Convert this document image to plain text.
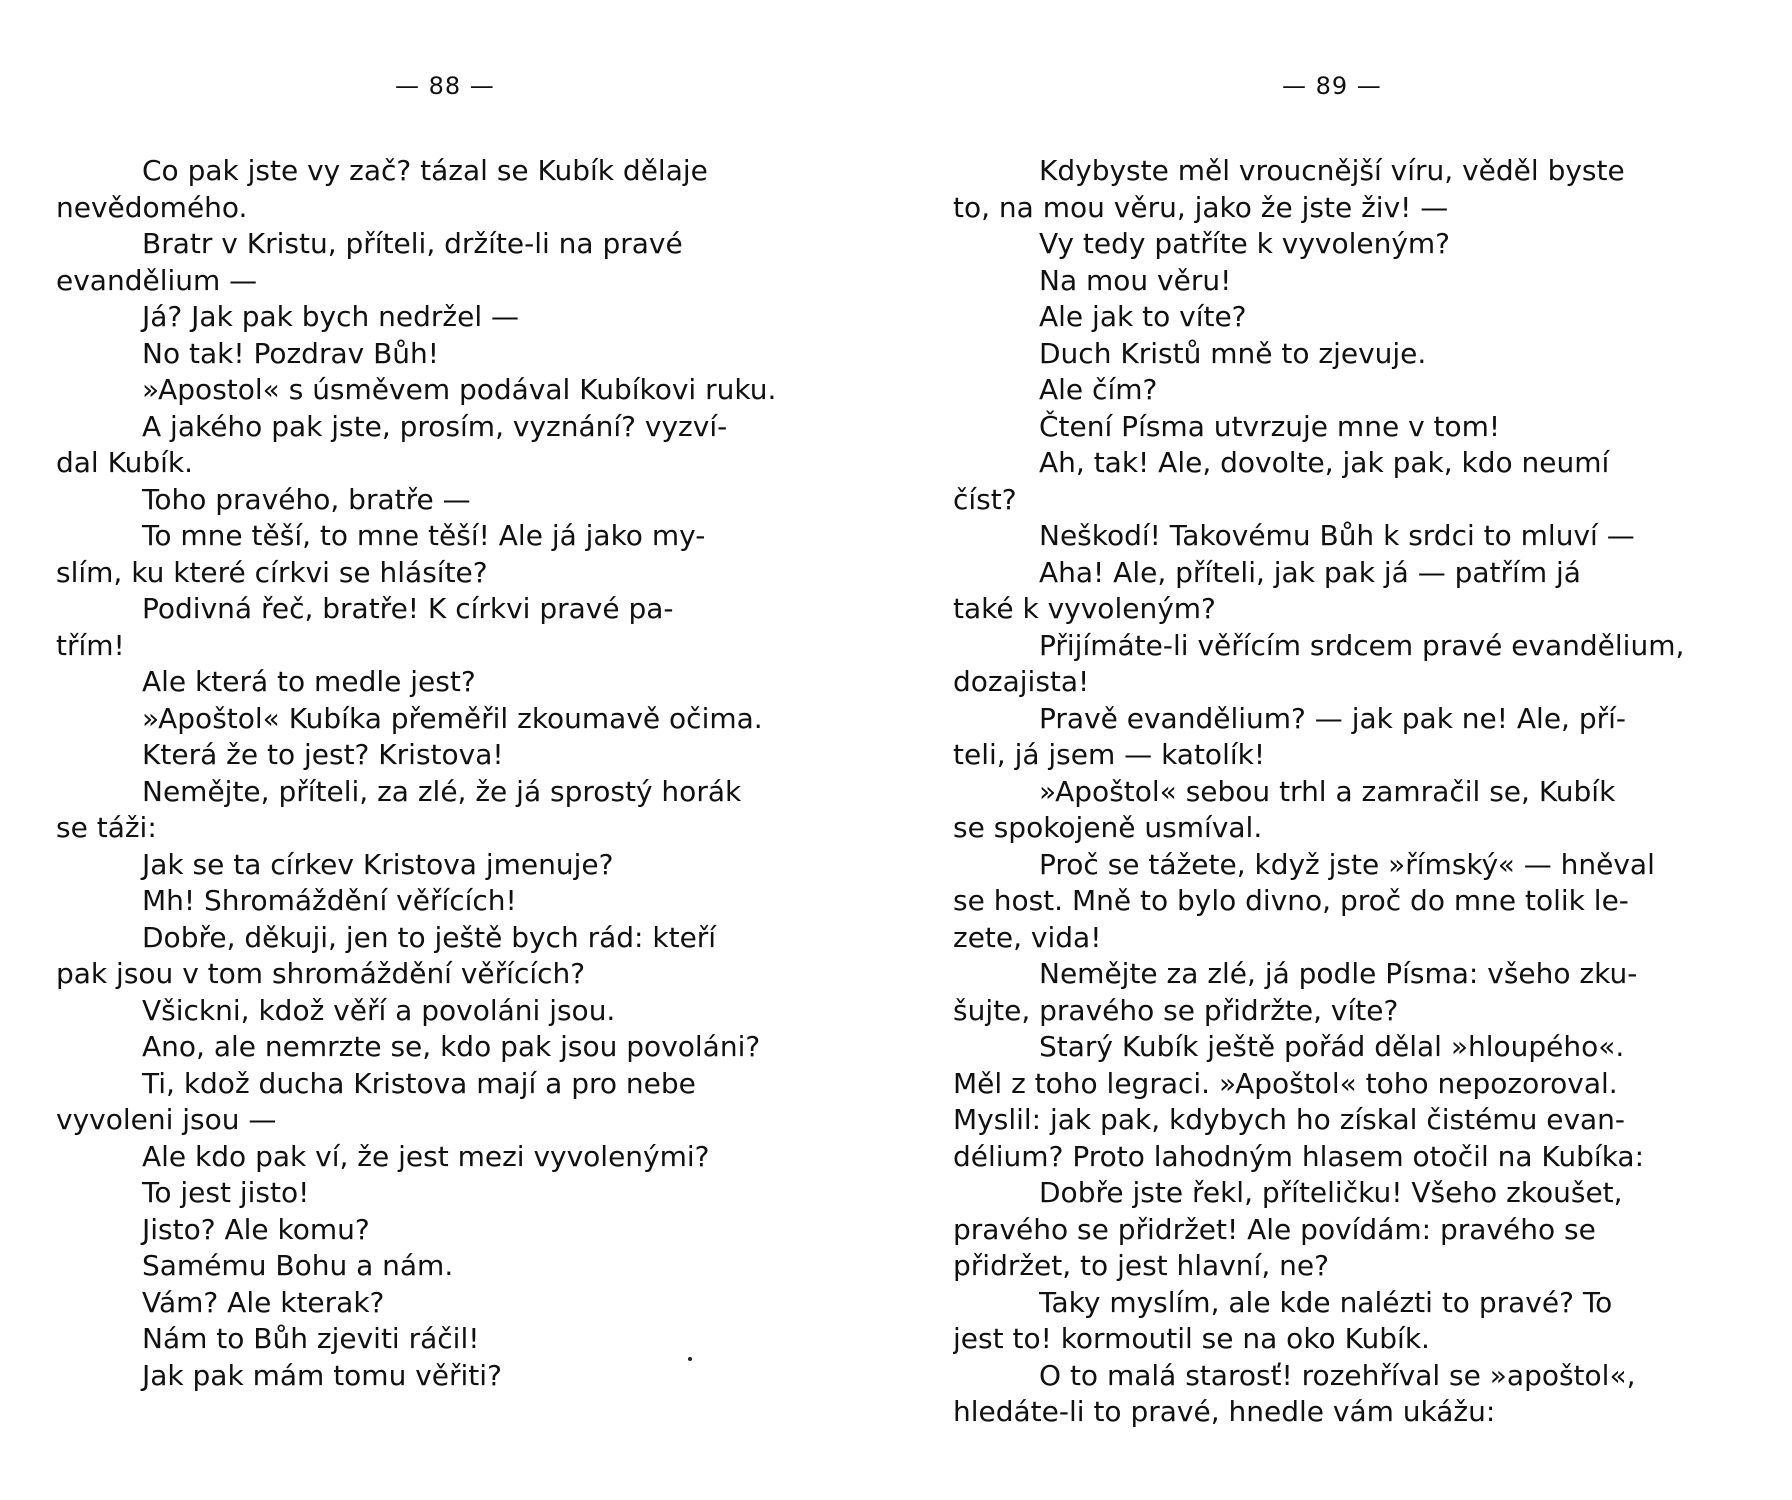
— 88 —
Co pak jste vy zač? tázal se Kubík dělaje
nevědomého.
Bratr v Kristu, příteli, držíte-li na pravé
evandělium —
Já? Jak pak bych nedržel —
No tak! Pozdrav Bůh!
»Apostol« s úsměvem podával Kubíkovi ruku.
A jakého pak jste, prosím, vyznání? vyzví-
dal Kubík.
Toho pravého, bratře —
To mne těší, to mne těší! Ale já jako my-
slím, ku které církvi se hlásíte?
Podivná řeč, bratře! K církvi pravé pa-
třím!
Ale která to medle jest?
»Apoštol« Kubíka přeměřil zkoumavě očima.
Která že to jest? Kristova!
Nemějte, příteli, za zlé, že já sprostý horák
se táži:
Jak se ta církev Kristova jmenuje?
Mh! Shromáždění věřících!
Dobře, děkuji, jen to ještě bych rád: kteří
pak jsou v tom shromáždění věřících?
Všickni, kdož věří a povoláni jsou.
Ano, ale nemrzte se, kdo pak jsou povoláni?
Ti, kdož ducha Kristova mají a pro nebe
vyvoleni jsou —
Ale kdo pak ví, že jest mezi vyvolenými?
To jest jisto!
Jisto? Ale komu?
Samému Bohu a nám.
Vám? Ale kterak?
Nám to Bůh zjeviti ráčil!
Jak pak mám tomu věřiti?
— 89 —
Kdybyste měl vroucnější víru, věděl byste
to, na mou věru, jako že jste živ! —
Vy tedy patříte k vyvoleným?
Na mou věru!
Ale jak to víte?
Duch Kristů mně to zjevuje.
Ale čím?
Čtení Písma utvrzuje mne v tom!
Ah, tak! Ale, dovolte, jak pak, kdo neumí
číst?
Neškodí! Takovému Bůh k srdci to mluví —
Aha! Ale, příteli, jak pak já — patřím já
také k vyvoleným?
Přijímáte-li věřícím srdcem pravé evandělium,
dozajista!
Pravě evandělium? — jak pak ne! Ale, pří-
teli, já jsem — katolík!
»Apoštol« sebou trhl a zamračil se, Kubík
se spokojeně usmíval.
Proč se tážete, když jste »římský« — hněval
se host. Mně to bylo divno, proč do mne tolik le-
zete, vida!
Nemějte za zlé, já podle Písma: všeho zku-
šujte, pravého se přidržte, víte?
Starý Kubík ještě pořád dělal »hloupého«.
Měl z toho legraci. »Apoštol« toho nepozoroval.
Myslil: jak pak, kdybych ho získal čistému evan-
délium? Proto lahodným hlasem otočil na Kubíka:
Dobře jste řekl, příteličku! Všeho zkoušet,
pravého se přidržet! Ale povídám: pravého se
přidržet, to jest hlavní, ne?
Taky myslím, ale kde nalézti to pravé? To
jest to! kormoutil se na oko Kubík.
O to malá starosť! rozehříval se »apoštol«,
hledáte-li to pravé, hnedle vám ukážu:
